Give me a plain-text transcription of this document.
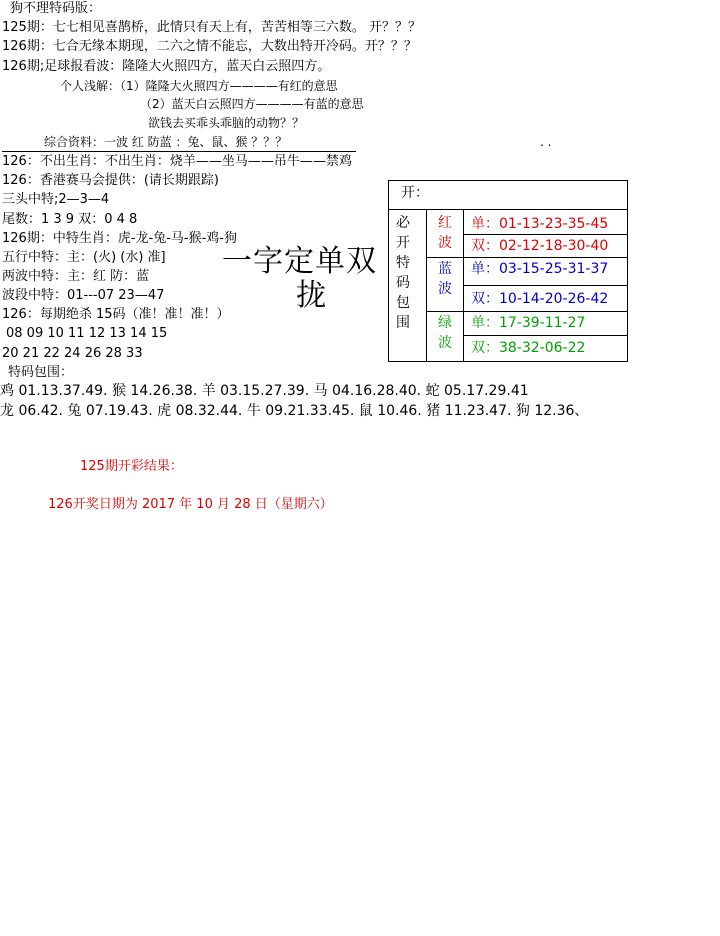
狗不理特码版：
125期：七七相见喜鹊桥，此情只有天上有，苦苦相等三六数。 开？？？
126期：七合无缘本期现，二六之情不能忘，大数出特开冷码。开？？？
126期;足球报看波：隆隆大火照四方，蓝天白云照四方。
个人浅解：（1）隆隆大火照四方————有红的意思
（2）蓝天白云照四方————有蓝的意思
欲钱去买乖头乖脑的动物？？
综合资料：一波 红 防蓝 ：兔、鼠、猴 ？？？	. .
126：不出生肖：不出生肖：烧羊——坐马——吊牛——禁鸡
126：香港赛马会提供：(请长期跟踪)
三头中特;2—3—4
尾数：1 3 9 双：0 4 8
126期：中特生肖：虎-龙-兔-马-猴-鸡-狗
五行中特：主：(火) (水) 准]
两波中特：主：红 防：蓝
波段中特：01---07 23—47
126：每期绝杀 15码（准！准！准！）
08 09 10 11 12 13 14 15
20 21 22 24 26 28 33
特码包围：
一字定单双
拢
开：
必
开
特
码
包
围
红
波
蓝
波
绿
波
单：01-13-23-35-45
双：02-12-18-30-40
单：03-15-25-31-37
双：10-14-20-26-42
单：17-39-11-27
双：38-32-06-22
鸡 01.13.37.49. 猴 14.26.38. 羊 03.15.27.39. 马 04.16.28.40. 蛇 05.17.29.41
龙 06.42. 兔 07.19.43. 虎 08.32.44. 牛 09.21.33.45. 鼠 10.46. 猪 11.23.47. 狗 12.36、
125期开彩结果：
126开奖日期为 2017 年 10 月 28 日（星期六）
